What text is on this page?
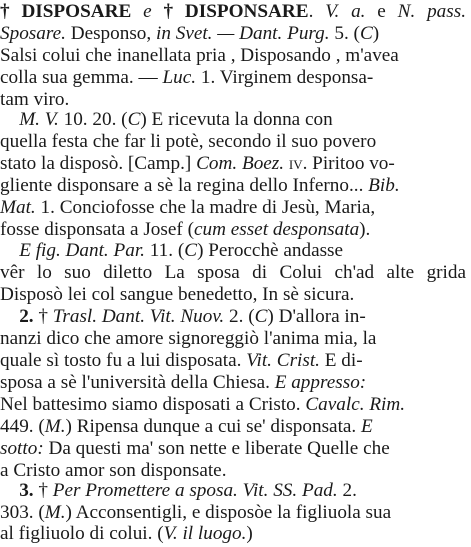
† DISPOSARE e † DISPONSARE. V. a. e N. pass.
Sposare. Desponso, in Svet. — Dant. Purg. 5. (C)
Salsi colui che inanellata pria , Disposando , m'avea
colla sua gemma. — Luc. 1. Virginem desponsa-
tam viro.
M. V. 10. 20. (C) E ricevuta la donna con
quella festa che far li potè, secondo il suo povero
stato la disposò. [Camp.] Com. Boez. iv. Piritoo vo-
gliente disponsare a sè la regina dello Inferno... Bib.
Mat. 1. Conciofosse che la madre di Jesù, Maria,
fosse disponsata a Josef (cum esset desponsata).
E fig. Dant. Par. 11. (C) Perocchè andasse
vêr lo suo diletto La sposa di Colui ch'ad alte grida
Disposò lei col sangue benedetto, In sè sicura.
2. † Trasl. Dant. Vit. Nuov. 2. (C) D'allora in-
nanzi dico che amore signoreggiò l'anima mia, la
quale sì tosto fu a lui disposata. Vit. Crist. E di-
sposa a sè l'università della Chiesa. E appresso:
Nel battesimo siamo disposati a Cristo. Cavalc. Rim.
449. (M.) Ripensa dunque a cui se' disponsata. E
sotto: Da questi ma' son nette e liberate Quelle che
a Cristo amor son disponsate.
3. † Per Promettere a sposa. Vit. SS. Pad. 2.
303. (M.) Acconsentigli, e disposòe la figliuola sua
al figliuolo di colui. (V. il luogo.)
